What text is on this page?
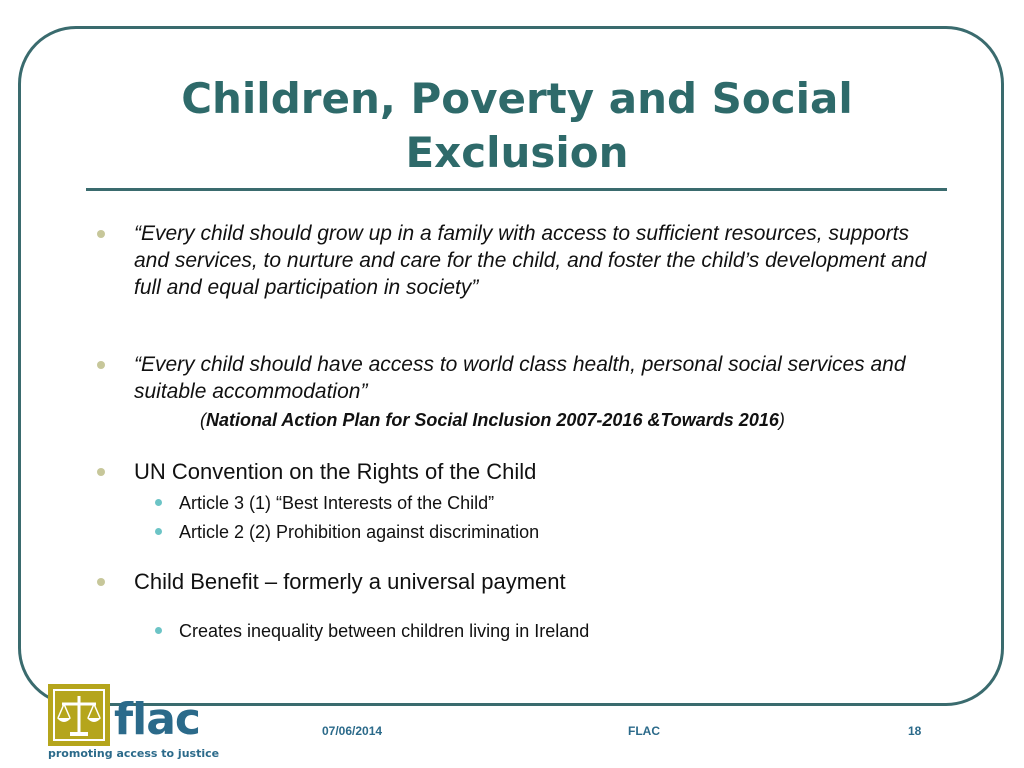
Children, Poverty and Social Exclusion
“Every child should grow up in a family with access to sufficient resources, supports and services, to nurture and care for the child, and foster the child’s development and full and equal participation in society”
“Every child should have access to world class health, personal social services and suitable accommodation”
(National Action Plan for Social Inclusion 2007-2016 &Towards 2016)
UN Convention on the Rights of the Child
Article 3 (1) “Best Interests of the Child”
Article 2 (2) Prohibition against discrimination
Child Benefit – formerly a universal payment
Creates inequality between children living in Ireland
flac
promoting access to justice
07/06/2014	FLAC	18
